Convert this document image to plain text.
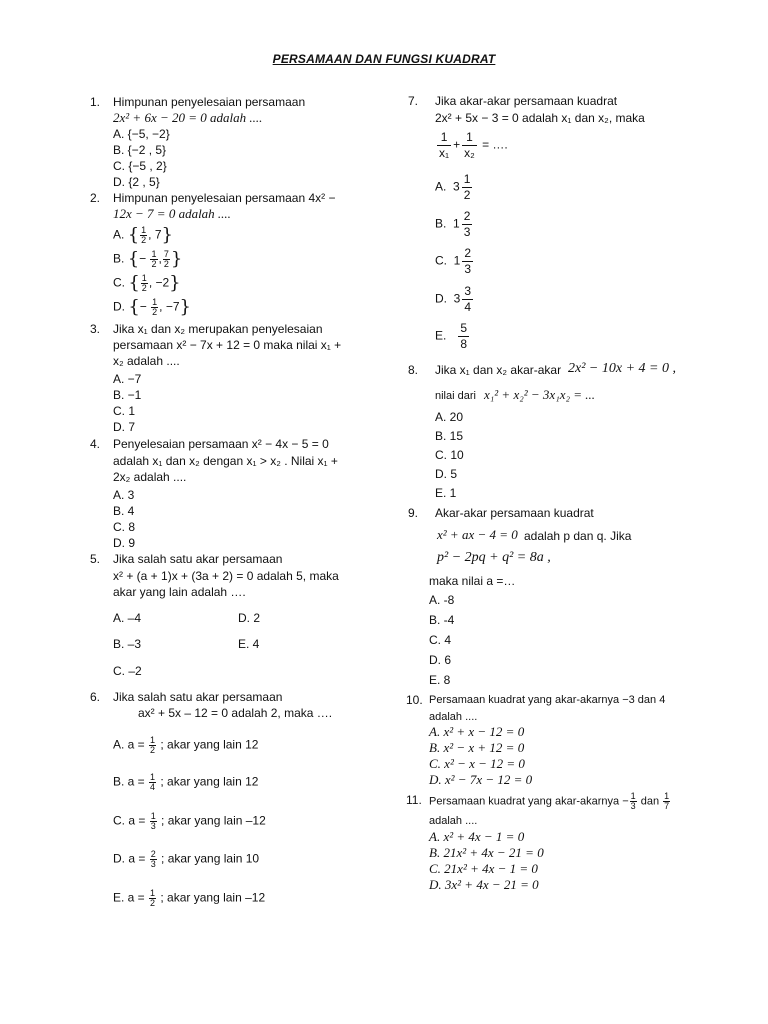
PERSAMAAN DAN FUNGSI KUADRAT
1. Himpunan penyelesaian persamaan
2x² + 6x − 20 = 0 adalah ....
A. {−5, −2}
B. {−2 , 5}
C. {−5 , 2}
D. {2 , 5}
2. Himpunan penyelesaian persamaan 4x² −
12x − 7 = 0 adalah ....
A. { $\frac{1}{2}$ , 7}
B. {− $\frac{1}{2}$ , $\frac{7}{2}$ }
C. { $\frac{1}{2}$ , −2}
D. {− $\frac{1}{2}$ , −7}
3. Jika x₁ dan x₂ merupakan penyelesaian
persamaan x² − 7x + 12 = 0 maka nilai x₁ +
x₂ adalah ....
A. −7
B. −1
C. 1
D. 7
4. Penyelesaian persamaan x² − 4x − 5 = 0
adalah x₁ dan x₂ dengan x₁ > x₂ . Nilai x₁ +
2x₂ adalah ....
A. 3
B. 4
C. 8
D. 9
5. Jika salah satu akar persamaan
x² + (a + 1)x + (3a + 2) = 0 adalah 5, maka
akar yang lain adalah ….
A. –4	D. 2
B. –3	E. 4
C. –2
6. Jika salah satu akar persamaan
ax² + 5x – 12 = 0 adalah 2, maka ….
A. $a = \frac{1}{2}$ ; akar yang lain 12
B. $a = \frac{1}{4}$ ; akar yang lain 12
C. $a = \frac{1}{3}$ ; akar yang lain –12
D. $a = \frac{2}{3}$ ; akar yang lain 10
E. $a = \frac{1}{2}$ ; akar yang lain –12
7. Jika akar-akar persamaan kuadrat
2x² + 5x − 3 = 0 adalah x₁ dan x₂, maka
$\frac{1}{\text{x₁}} + \frac{1}{\text{x₂}}$ = ….
A. $3 \frac{1}{2}$
B. $1 \frac{2}{3}$
C. $1 \frac{2}{3}$
D. $3 \frac{3}{4}$
E. $\frac{5}{8}$
8. Jika x₁ dan x₂ akar-akar 2x² − 10x + 4 = 0 ,
nilai dari x₁² + x₂² − 3x₁x₂ = ...
A. 20
B. 15
C. 10
D. 5
E. 1
9. Akar-akar persamaan kuadrat
x² + ax − 4 = 0 adalah p dan q. Jika
p² − 2pq + q² = 8a ,
maka nilai a =…
A. -8
B. -4
C. 4
D. 6
E. 8
10. Persamaan kuadrat yang akar-akarnya −3 dan 4
adalah ....
A. x² + x − 12 = 0
B. x² − x + 12 = 0
C. x² − x − 12 = 0
D. x² − 7x − 12 = 0
11. Persamaan kuadrat yang akar-akarnya − $\frac{1}{3}$ dan $\frac{1}{7}$
adalah ....
A. x² + 4x − 1 = 0
B. 21x² + 4x − 21 = 0
C. 21x² + 4x − 1 = 0
D. 3x² + 4x − 21 = 0
